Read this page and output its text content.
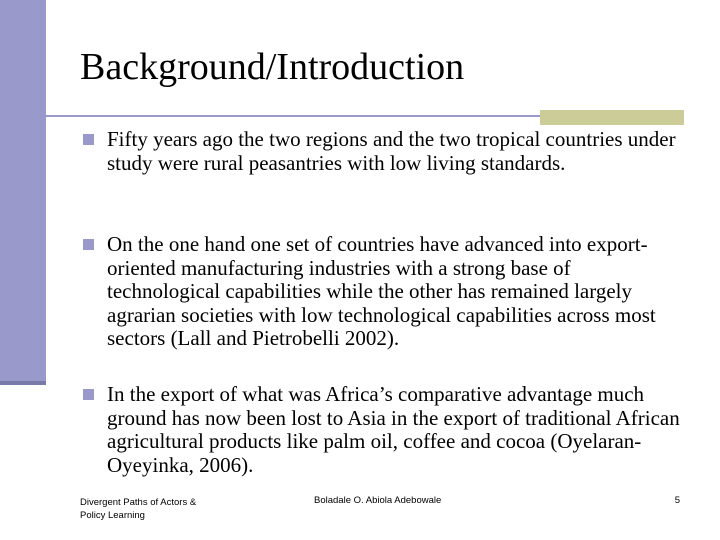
Background/Introduction
Fifty years ago the two regions and the two tropical countries under study were rural peasantries with low living standards.
On the one hand one set of countries have advanced into export-oriented manufacturing industries with a strong base of technological capabilities while the other has remained largely agrarian societies with low technological capabilities across most sectors (Lall and Pietrobelli 2002).
In the export of what was Africa’s comparative advantage much ground has now been lost to Asia in the export of traditional African agricultural products like palm oil, coffee and cocoa (Oyelaran-Oyeyinka, 2006).
Divergent Paths of Actors & Policy Learning
Boladale O. Abiola Adebowale	5
